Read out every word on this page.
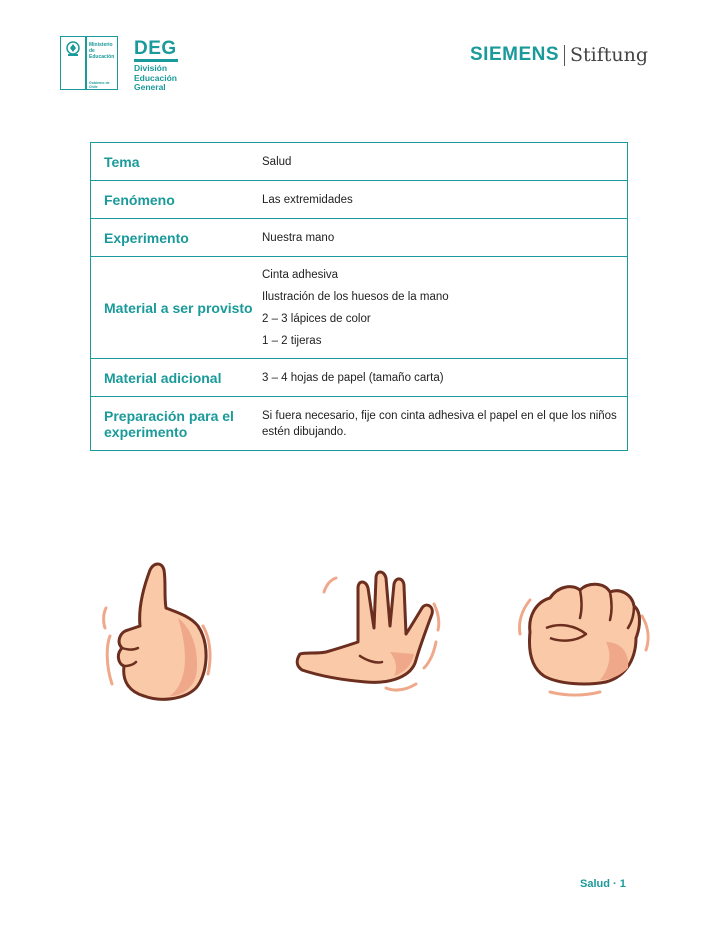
Ministerio de Educación
Gobierno de Chile
DEG
División Educación General
SIEMENS Stiftung
Tema	Salud

Fenómeno	Las extremidades

Experimento	Nuestra mano

Material a ser provisto	Cinta adhesiva
Ilustración de los huesos de la mano
2 – 3 lápices de color
1 – 2 tijeras

Material adicional	3 – 4 hojas de papel (tamaño carta)

Preparación para el experimento	Si fuera necesario, fije con cinta adhesiva el papel en el que los niños estén dibujando.
Salud · 1
